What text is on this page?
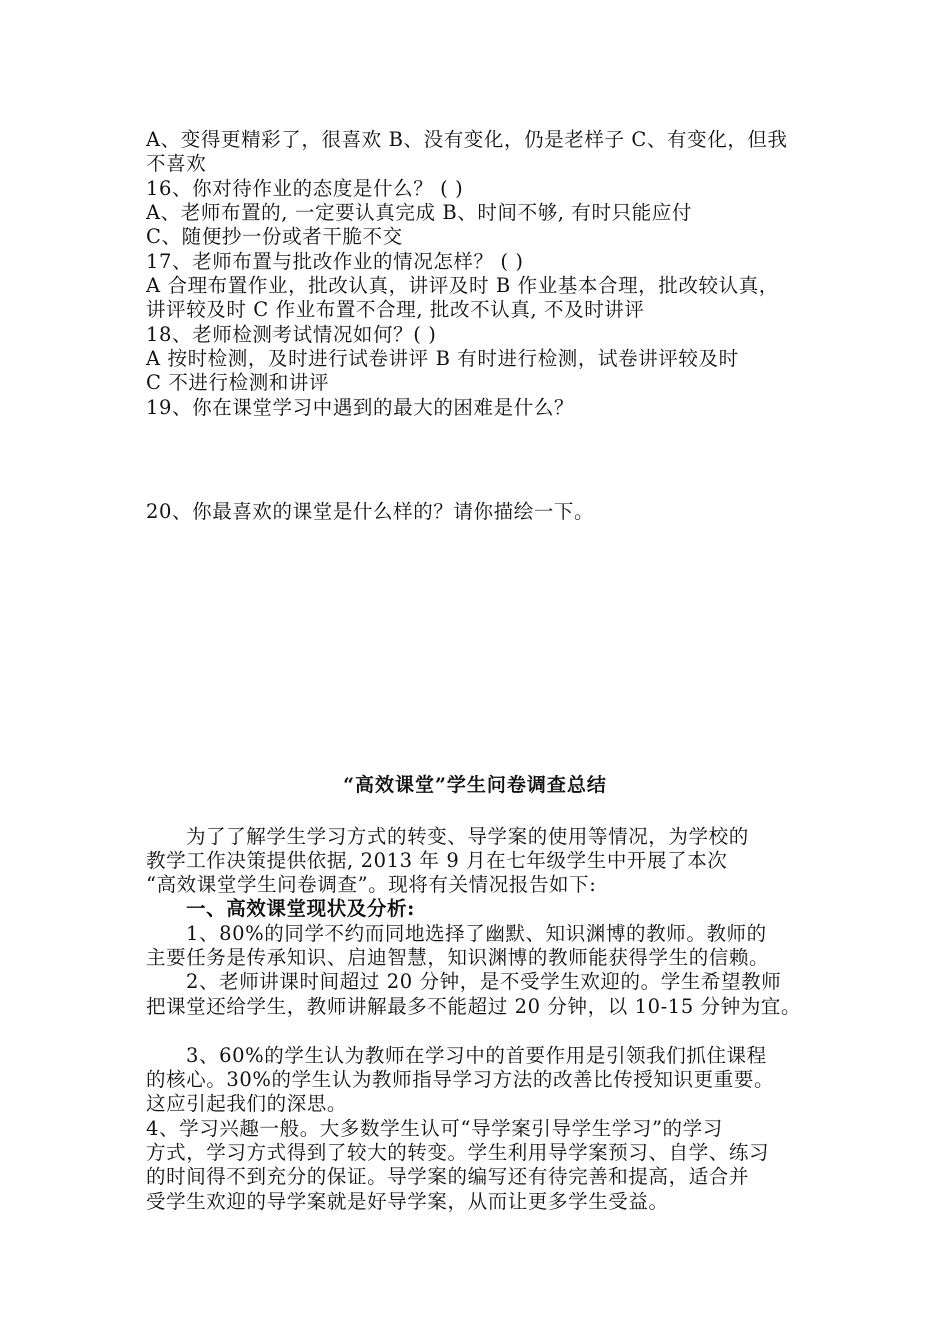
A、变得更精彩了，很喜欢 B、没有变化，仍是老样子 C、有变化，但我
不喜欢
16、你对待作业的态度是什么？ ( )
A、老师布置的, 一定要认真完成 B、时间不够, 有时只能应付
C、随便抄一份或者干脆不交
17、老师布置与批改作业的情况怎样？ ( )
A 合理布置作业，批改认真，讲评及时 B 作业基本合理，批改较认真，
讲评较及时 C 作业布置不合理, 批改不认真, 不及时讲评
18、老师检测考试情况如何？( )
A 按时检测，及时进行试卷讲评 B 有时进行检测，试卷讲评较及时
C 不进行检测和讲评
19、你在课堂学习中遇到的最大的困难是什么？
20、你最喜欢的课堂是什么样的？请你描绘一下。
“高效课堂”学生问卷调查总结
为了了解学生学习方式的转变、导学案的使用等情况，为学校的
教学工作决策提供依据, 2013 年 9 月在七年级学生中开展了本次
“高效课堂学生问卷调查”。现将有关情况报告如下:
一、高效课堂现状及分析:
1、80%的同学不约而同地选择了幽默、知识渊博的教师。教师的
主要任务是传承知识、启迪智慧，知识渊博的教师能获得学生的信赖。
2、老师讲课时间超过 20 分钟，是不受学生欢迎的。学生希望教师
把课堂还给学生，教师讲解最多不能超过 20 分钟，以 10-15 分钟为宜。
3、60%的学生认为教师在学习中的首要作用是引领我们抓住课程
的核心。30%的学生认为教师指导学习方法的改善比传授知识更重要。
这应引起我们的深思。
4、学习兴趣一般。大多数学生认可“导学案引导学生学习”的学习
方式，学习方式得到了较大的转变。学生利用导学案预习、自学、练习
的时间得不到充分的保证。导学案的编写还有待完善和提高，适合并
受学生欢迎的导学案就是好导学案，从而让更多学生受益。
